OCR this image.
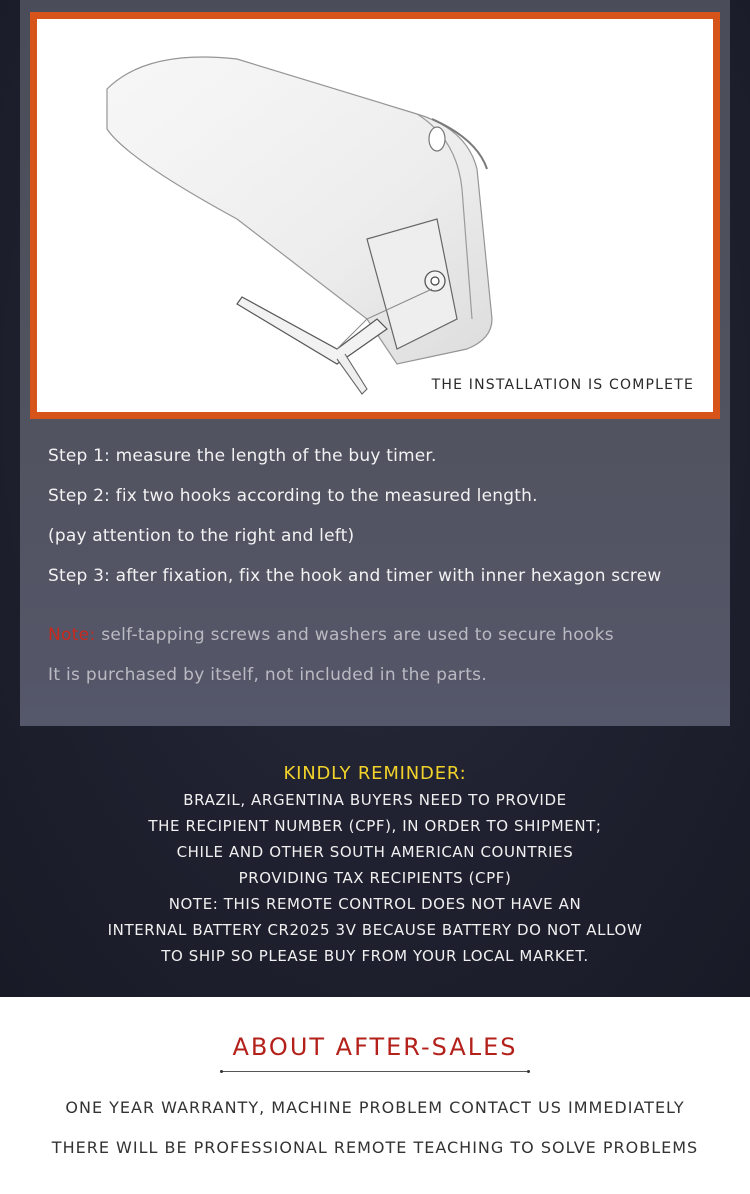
THE INSTALLATION IS COMPLETE
Step 1: measure the length of the buy timer.
Step 2: fix two hooks according to the measured length.
(pay attention to the right and left)
Step 3: after fixation, fix the hook and timer with inner hexagon screw
Note: self-tapping screws and washers are used to secure hooks
It is purchased by itself, not included in the parts.
KINDLY REMINDER:
BRAZIL, ARGENTINA BUYERS NEED TO PROVIDE
THE RECIPIENT NUMBER (CPF), IN ORDER TO SHIPMENT;
CHILE AND OTHER SOUTH AMERICAN COUNTRIES
PROVIDING TAX RECIPIENTS (CPF)
NOTE: THIS REMOTE CONTROL DOES NOT HAVE AN
INTERNAL BATTERY CR2025 3V BECAUSE BATTERY DO NOT ALLOW
TO SHIP SO PLEASE BUY FROM YOUR LOCAL MARKET.
ABOUT AFTER-SALES
ONE YEAR WARRANTY, MACHINE PROBLEM CONTACT US IMMEDIATELY
THERE WILL BE PROFESSIONAL REMOTE TEACHING TO SOLVE PROBLEMS
